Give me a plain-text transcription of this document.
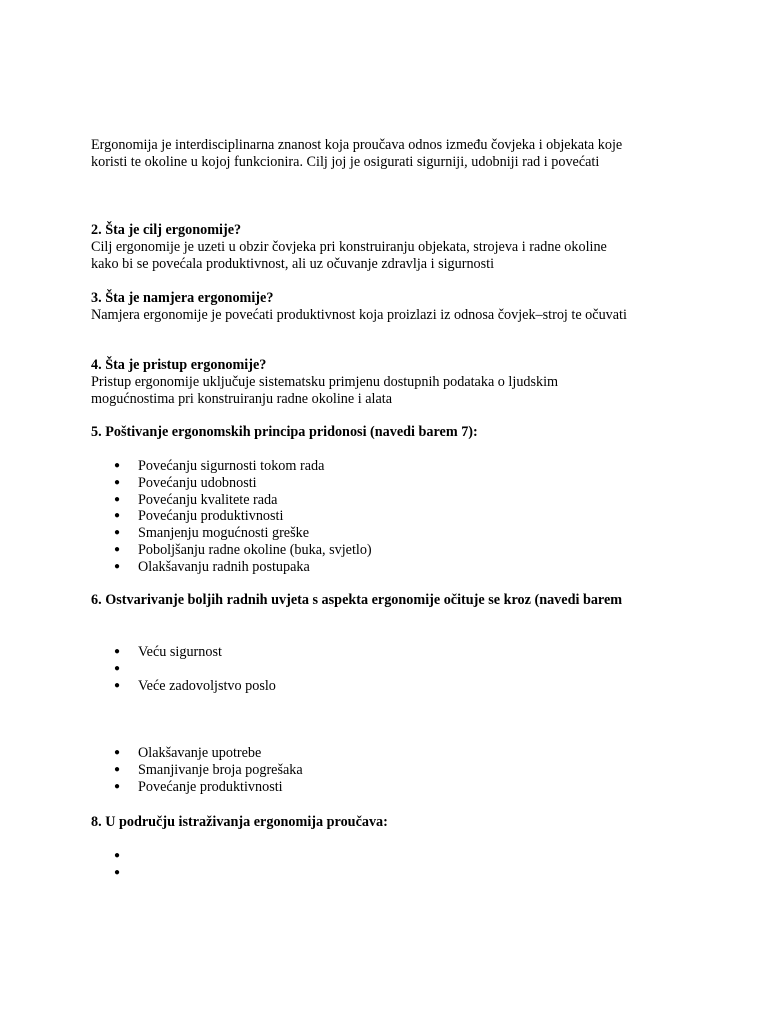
Ergonomija je interdisciplinarna znanost koja proučava odnos između čovjeka i objekata koje
koristi te okoline u kojoj funkcionira. Cilj joj je osigurati sigurniji, udobniji rad i povećati
2. Šta je cilj ergonomije?
Cilj ergonomije je uzeti u obzir čovjeka pri konstruiranju objekata, strojeva i radne okoline
kako bi se povećala produktivnost, ali uz očuvanje zdravlja i sigurnosti
3. Šta je namjera ergonomije?
Namjera ergonomije je povećati produktivnost koja proizlazi iz odnosa čovjek–stroj te očuvati
4. Šta je pristup ergonomije?
Pristup ergonomije uključuje sistematsku primjenu dostupnih podataka o ljudskim
mogućnostima pri konstruiranju radne okoline i alata
5. Poštivanje ergonomskih principa pridonosi (navedi barem 7):
● Povećanju sigurnosti tokom rada
● Povećanju udobnosti
● Povećanju kvalitete rada
● Povećanju produktivnosti
● Smanjenju mogućnosti greške
● Poboljšanju radne okoline (buka, svjetlo)
● Olakšavanju radnih postupaka
6. Ostvarivanje boljih radnih uvjeta s aspekta ergonomije očituje se kroz (navedi barem
● Veću sigurnost
●
● Veće zadovoljstvo poslo
● Olakšavanje upotrebe
● Smanjivanje broja pogrešaka
● Povećanje produktivnosti
8. U području istraživanja ergonomija proučava:
●
●
